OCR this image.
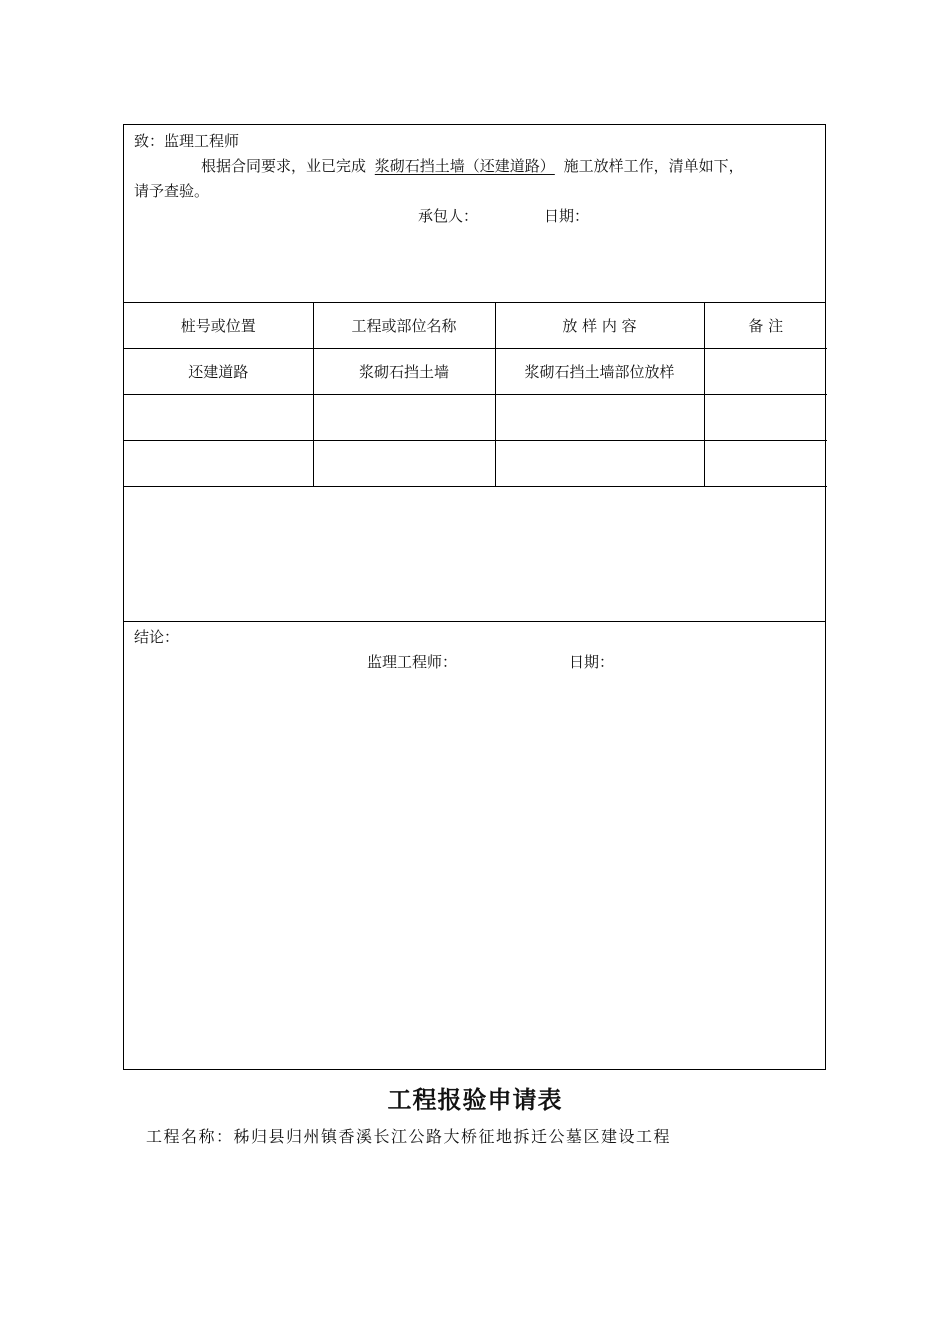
致：监理工程师
根据合同要求，业已完成 浆砌石挡土墙（还建道路） 施工放样工作，清单如下，
请予查验。
承包人：	日期：
桩号或位置	工程或部位名称	放 样 内 容	备 注
还建道路	浆砌石挡土墙	浆砌石挡土墙部位放样	

结论：
监理工程师：	日期：
工程报验申请表
工程名称：秭归县归州镇香溪长江公路大桥征地拆迁公墓区建设工程
